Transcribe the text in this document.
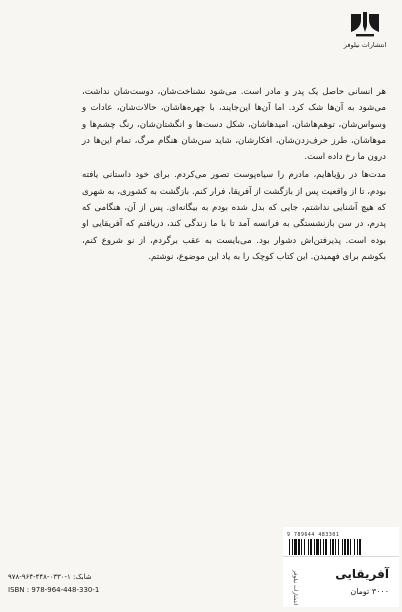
انتشارات نیلوفر

هر انسانی حاصل یک پدر و مادر است. می‌شود نشناخت‌شان، دوست‌شان نداشت، می‌شود به آن‌ها شک کرد. اما آن‌ها این‌جایند، با چهره‌هاشان، حالات‌شان، عادات و وسواس‌شان، توهم‌هاشان، امیدهاشان، شکل دست‌ها و انگشتان‌شان، رنگ چشم‌ها و موهاشان، طرز حرف‌زدن‌شان، افکارشان، شاید سن‌شان هنگام مرگ، تمام این‌ها در درون ما رخ داده است.

مدت‌ها در رؤیاهایم، مادرم را سیاه‌پوست تصور می‌کردم. برای خود داستانی یافته بودم، تا از واقعیت پس از بازگشت از آفریقا، فرار کنم. بازگشت به کشوری، به شهری که هیچ آشنایی نداشتم، جایی که بدل شده بودم به بیگانه‌ای. پس از آن، هنگامی که پدرم، در سن بازنشستگی به فرانسه آمد تا با ما زندگی کند، دریافتم که آفریقایی او بوده است. پذیرفتن‌اش دشوار بود. می‌بایست به عقب برگردم، از نو شروع کنم، بکوشم برای فهمیدن. این کتاب کوچک را به یاد این موضوع، نوشتم.

شابک: ۱-۰۳۳۰-۴۴۸-۹۶۴-۹۷۸
ISBN : 978-964-448-330-1
9 789644 483301
انتشارات نیلوفر	آفریقایی
۳۰۰۰ تومان
